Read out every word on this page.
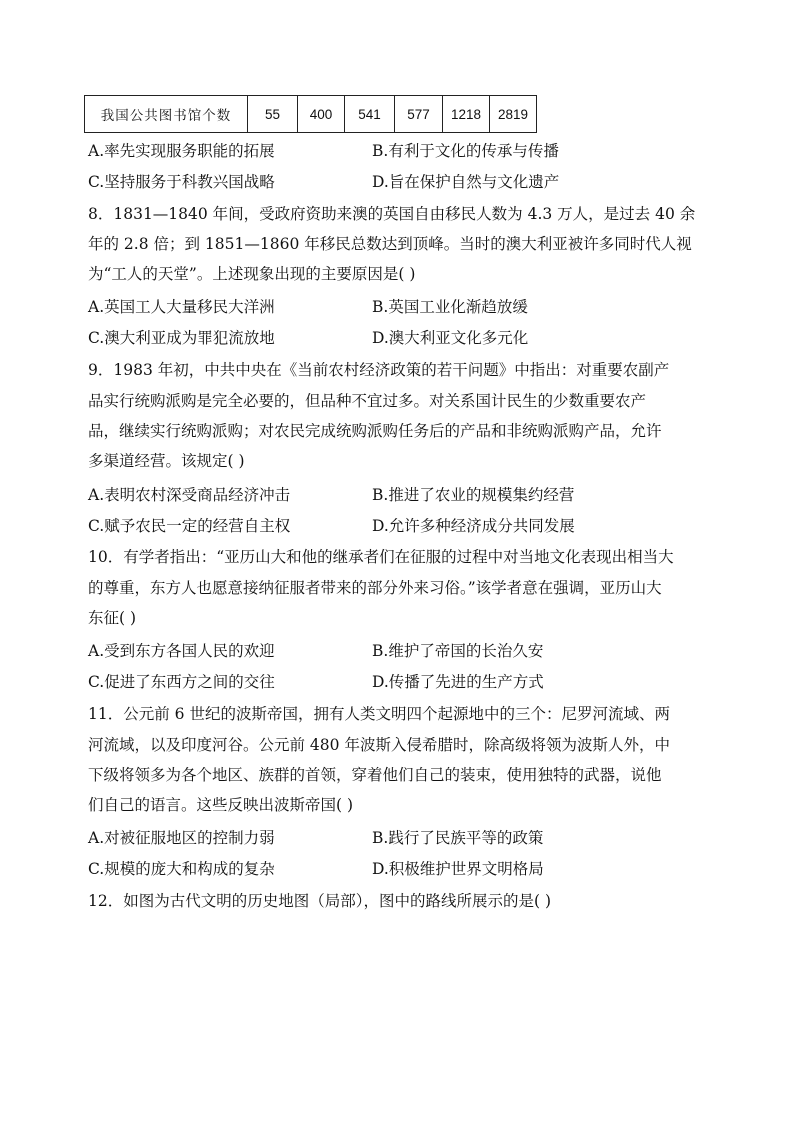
我国公共图书馆个数	55	400	541	577	1218	2819
A.率先实现服务职能的拓展	B.有利于文化的传承与传播
C.坚持服务于科教兴国战略	D.旨在保护自然与文化遗产
8．1831—1840 年间，受政府资助来澳的英国自由移民人数为 4.3 万人，是过去 40 余
年的 2.8 倍；到 1851—1860 年移民总数达到顶峰。当时的澳大利亚被许多同时代人视
为“工人的天堂”。上述现象出现的主要原因是( )
A.英国工人大量移民大洋洲	B.英国工业化渐趋放缓
C.澳大利亚成为罪犯流放地	D.澳大利亚文化多元化
9．1983 年初，中共中央在《当前农村经济政策的若干问题》中指出：对重要农副产
品实行统购派购是完全必要的，但品种不宜过多。对关系国计民生的少数重要农产
品，继续实行统购派购；对农民完成统购派购任务后的产品和非统购派购产品，允许
多渠道经营。该规定( )
A.表明农村深受商品经济冲击	B.推进了农业的规模集约经营
C.赋予农民一定的经营自主权	D.允许多种经济成分共同发展
10．有学者指出：“亚历山大和他的继承者们在征服的过程中对当地文化表现出相当大
的尊重，东方人也愿意接纳征服者带来的部分外来习俗。”该学者意在强调，亚历山大
东征( )
A.受到东方各国人民的欢迎	B.维护了帝国的长治久安
C.促进了东西方之间的交往	D.传播了先进的生产方式
11．公元前 6 世纪的波斯帝国，拥有人类文明四个起源地中的三个：尼罗河流域、两
河流域，以及印度河谷。公元前 480 年波斯入侵希腊时，除高级将领为波斯人外，中
下级将领多为各个地区、族群的首领，穿着他们自己的装束，使用独特的武器，说他
们自己的语言。这些反映出波斯帝国( )
A.对被征服地区的控制力弱	B.践行了民族平等的政策
C.规模的庞大和构成的复杂	D.积极维护世界文明格局
12．如图为古代文明的历史地图（局部），图中的路线所展示的是( )
